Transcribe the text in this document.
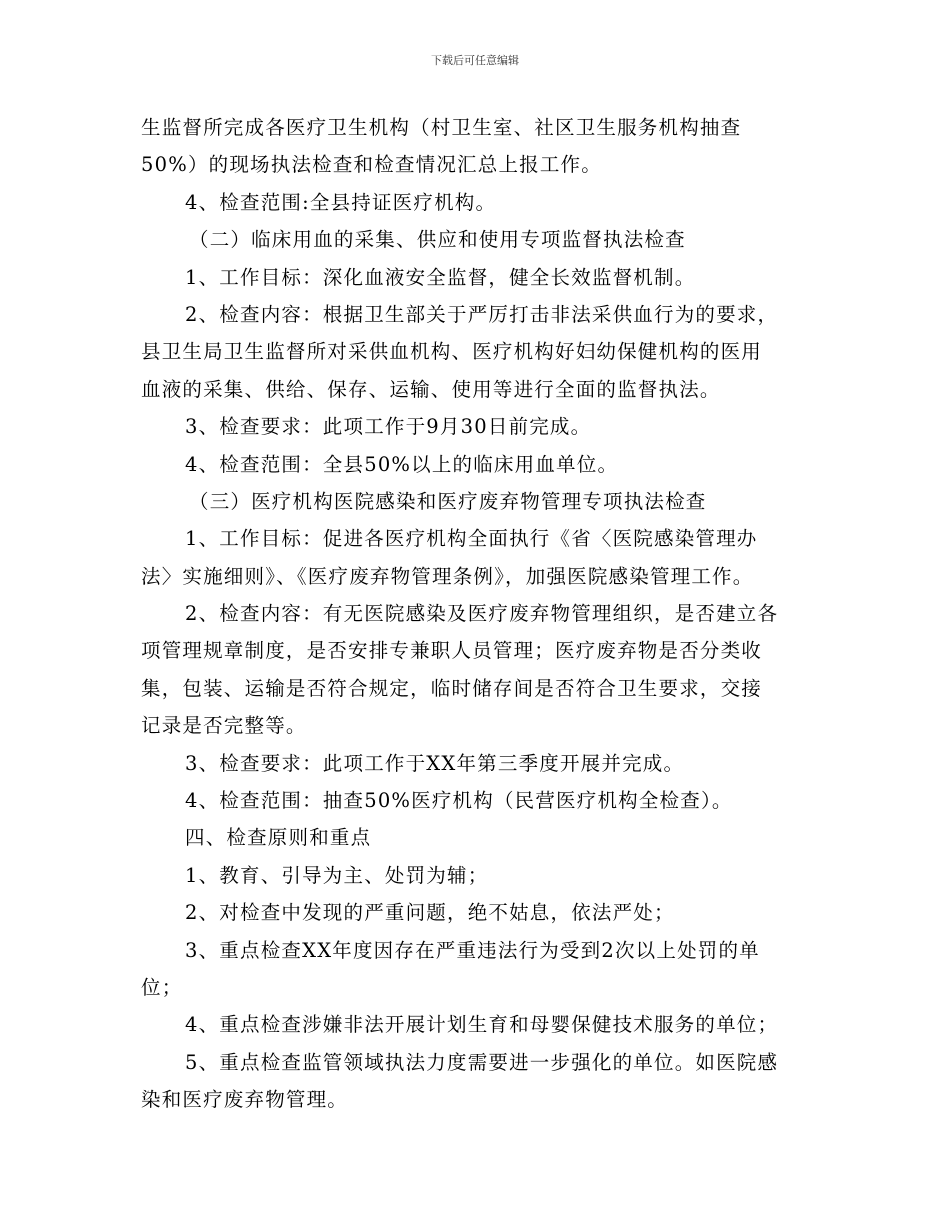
下载后可任意编辑
生监督所完成各医疗卫生机构（村卫生室、社区卫生服务机构抽查
50%）的现场执法检查和检查情况汇总上报工作。
4、检查范围:全县持证医疗机构。
（二）临床用血的采集、供应和使用专项监督执法检查
1、工作目标：深化血液安全监督，健全长效监督机制。
2、检查内容：根据卫生部关于严厉打击非法采供血行为的要求，
县卫生局卫生监督所对采供血机构、医疗机构好妇幼保健机构的医用
血液的采集、供给、保存、运输、使用等进行全面的监督执法。
3、检查要求：此项工作于9月30日前完成。
4、检查范围：全县50%以上的临床用血单位。
（三）医疗机构医院感染和医疗废弃物管理专项执法检查
1、工作目标：促进各医疗机构全面执行《省〈医院感染管理办
法〉实施细则》、《医疗废弃物管理条例》，加强医院感染管理工作。
2、检查内容：有无医院感染及医疗废弃物管理组织，是否建立各
项管理规章制度，是否安排专兼职人员管理；医疗废弃物是否分类收
集，包装、运输是否符合规定，临时储存间是否符合卫生要求，交接
记录是否完整等。
3、检查要求：此项工作于XX年第三季度开展并完成。
4、检查范围：抽查50%医疗机构（民营医疗机构全检查）。
四、检查原则和重点
1、教育、引导为主、处罚为辅；
2、对检查中发现的严重问题，绝不姑息，依法严处；
3、重点检查XX年度因存在严重违法行为受到2次以上处罚的单
位；
4、重点检查涉嫌非法开展计划生育和母婴保健技术服务的单位；
5、重点检查监管领域执法力度需要进一步强化的单位。如医院感
染和医疗废弃物管理。
